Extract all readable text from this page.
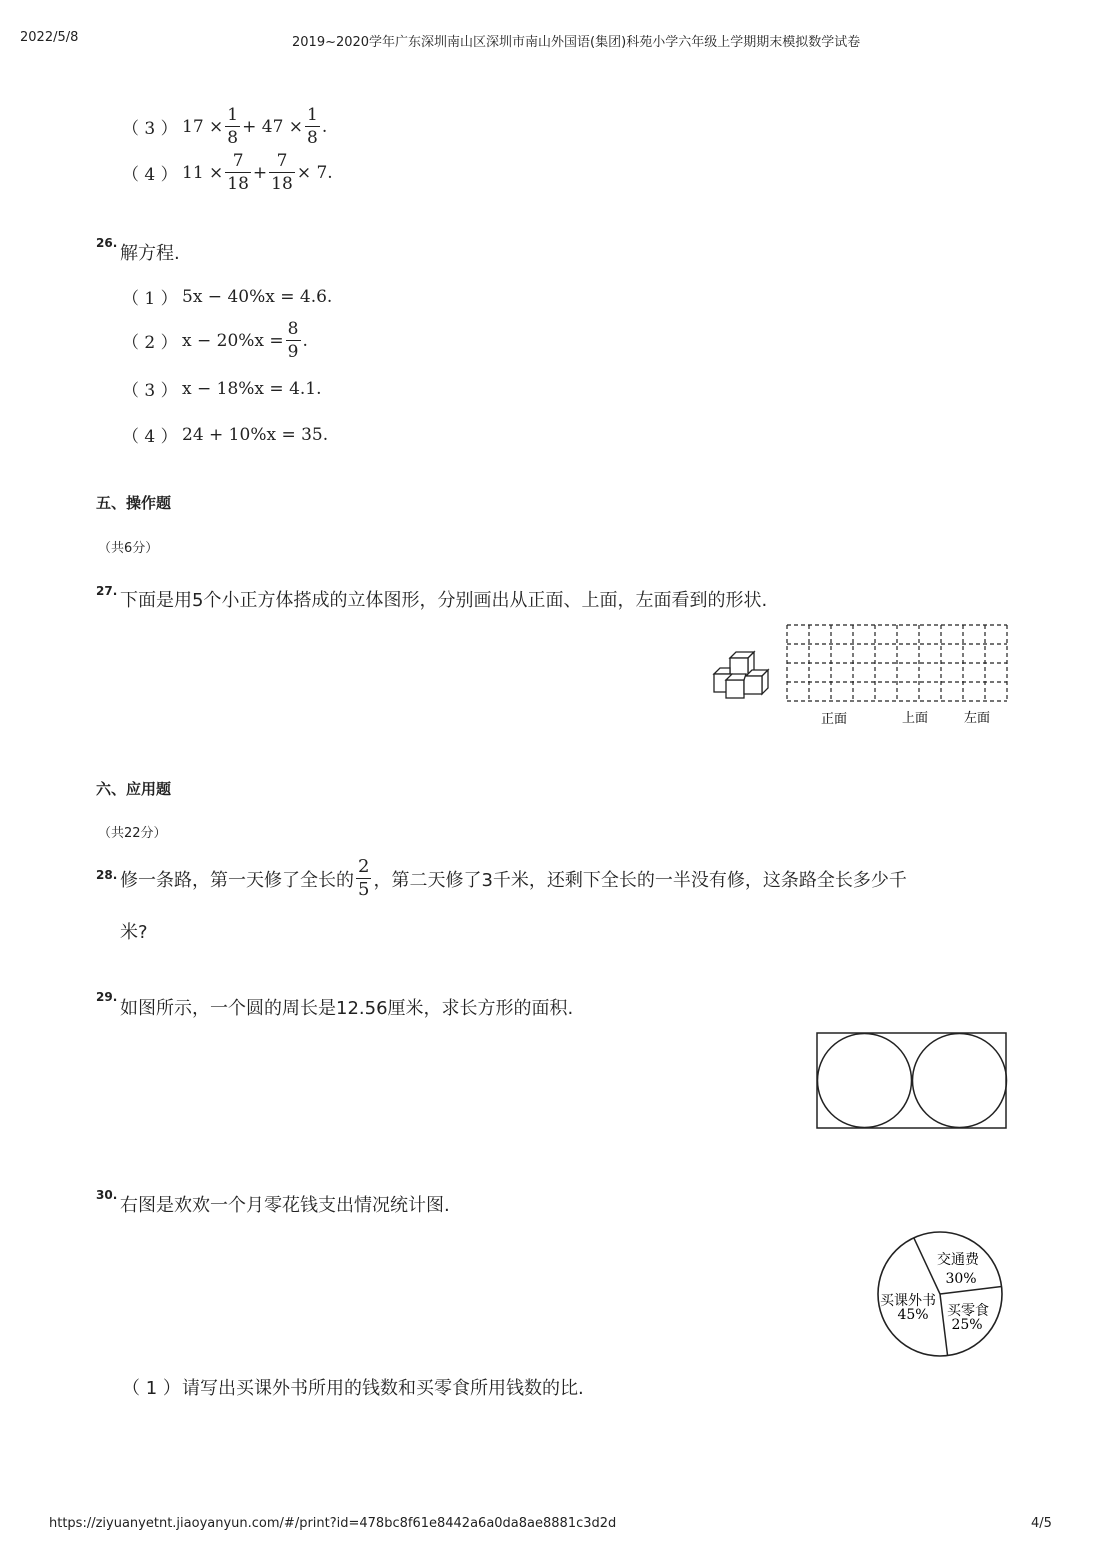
2022/5/8	2019~2020学年广东深圳南山区深圳市南山外国语(集团)科苑小学六年级上学期期末模拟数学试卷
（ 3 ） $17 \times \frac{1}{8} + 47 \times \frac{1}{8}$ .
（ 4 ） $11 \times \frac{7}{18} + \frac{7}{18} \times 7$.
26. 解方程.
（ 1 ） 5x − 40%x = 4.6.
（ 2 ） $x - 20\%x = \frac{8}{9}$ .
（ 3 ） x − 18%x = 4.1.
（ 4 ） 24 + 10%x = 35.
五、操作题
（共6分）
27. 下面是用5个小正方体搭成的立体图形，分别画出从正面、上面，左面看到的形状.
正面	上面	左面
六、应用题
（共22分）
28. 修一条路，第一天修了全长的 $\frac{2}{5}$ ，第二天修了3千米，还剩下全长的一半没有修，这条路全长多少千
米?
29.
如图所示，一个圆的周长是12.56厘米，求长方形的面积.
30. 右图是欢欢一个月零花钱支出情况统计图.
交通费
30%
买零食
25%
买课外书
45%
（ 1 ） 请写出买课外书所用的钱数和买零食所用钱数的比.
https://ziyuanyetnt.jiaoyanyun.com/#/print?id=478bc8f61e8442a6a0da8ae8881c3d2d	4/5
